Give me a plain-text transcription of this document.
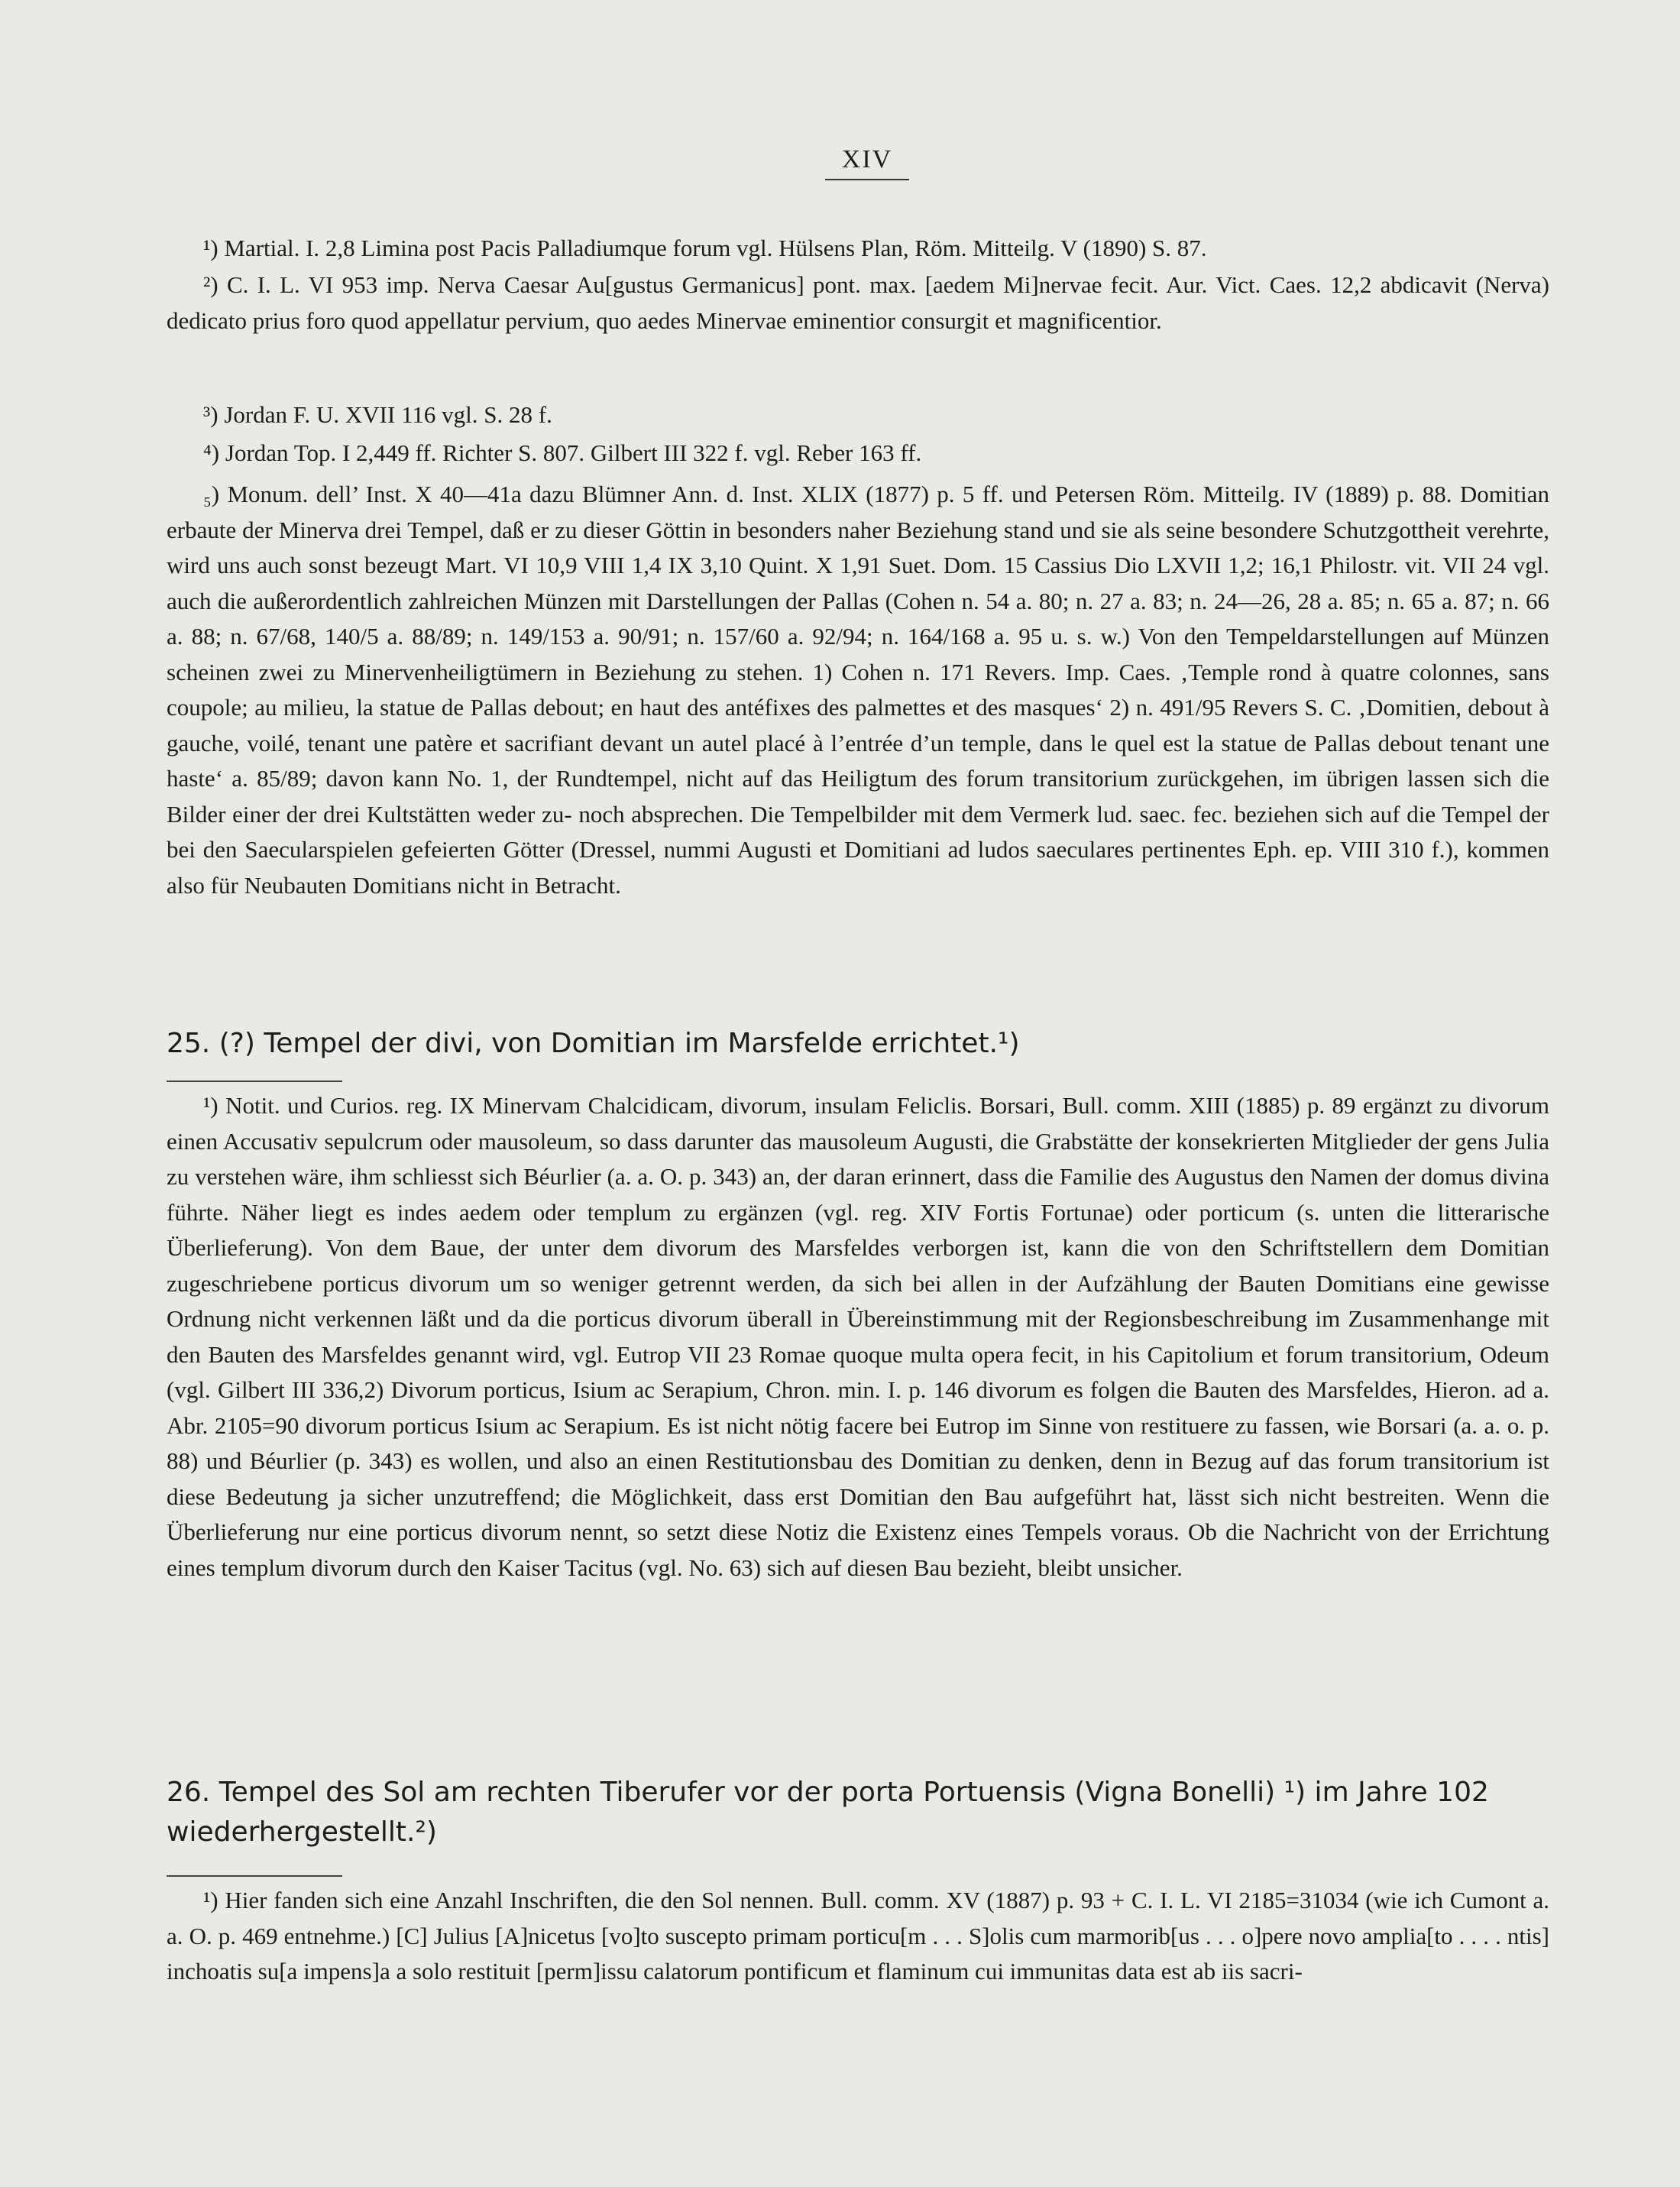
XIV

¹) Martial. I. 2,8 Limina post Pacis Palladiumque forum vgl. Hülsens Plan, Röm. Mitteilg. V (1890) S. 87.

²) C. I. L. VI 953 imp. Nerva Caesar Au[gustus Germanicus] pont. max. [aedem Mi]nervae fecit. Aur. Vict. Caes. 12,2 abdicavit (Nerva) dedicato prius foro quod appellatur pervium, quo aedes Minervae eminentior consurgit et magnificentior.

³) Jordan F. U. XVII 116 vgl. S. 28 f.

⁴) Jordan Top. I 2,449 ff. Richter S. 807. Gilbert III 322 f. vgl. Reber 163 ff.

₅) Monum. dell’ Inst. X 40—41a dazu Blümner Ann. d. Inst. XLIX (1877) p. 5 ff. und Petersen Röm. Mitteilg. IV (1889) p. 88. Domitian erbaute der Minerva drei Tempel, daß er zu dieser Göttin in besonders naher Beziehung stand und sie als seine besondere Schutzgottheit verehrte, wird uns auch sonst bezeugt Mart. VI 10,9 VIII 1,4 IX 3,10 Quint. X 1,91 Suet. Dom. 15 Cassius Dio LXVII 1,2; 16,1 Philostr. vit. VII 24 vgl. auch die außerordentlich zahlreichen Münzen mit Darstellungen der Pallas (Cohen n. 54 a. 80; n. 27 a. 83; n. 24—26, 28 a. 85; n. 65 a. 87; n. 66 a. 88; n. 67/68, 140/5 a. 88/89; n. 149/153 a. 90/91; n. 157/60 a. 92/94; n. 164/168 a. 95 u. s. w.) Von den Tempeldarstellungen auf Münzen scheinen zwei zu Minervenheiligtümern in Beziehung zu stehen. 1) Cohen n. 171 Revers. Imp. Caes. ‚Temple rond à quatre colonnes, sans coupole; au milieu, la statue de Pallas debout; en haut des antéfixes des palmettes et des masques‘ 2) n. 491/95 Revers S. C. ‚Domitien, debout à gauche, voilé, tenant une patère et sacrifiant devant un autel placé à l’entrée d’un temple, dans le quel est la statue de Pallas debout tenant une haste‘ a. 85/89; davon kann No. 1, der Rundtempel, nicht auf das Heiligtum des forum transitorium zurückgehen, im übrigen lassen sich die Bilder einer der drei Kultstätten weder zu- noch absprechen. Die Tempelbilder mit dem Vermerk lud. saec. fec. beziehen sich auf die Tempel der bei den Saecularspielen gefeierten Götter (Dressel, nummi Augusti et Domitiani ad ludos saeculares pertinentes Eph. ep. VIII 310 f.), kommen also für Neubauten Domitians nicht in Betracht.

25. (?) Tempel der divi, von Domitian im Marsfelde errichtet.¹)

¹) Notit. und Curios. reg. IX Minervam Chalcidicam, divorum, insulam Feliclis. Borsari, Bull. comm. XIII (1885) p. 89 ergänzt zu divorum einen Accusativ sepulcrum oder mausoleum, so dass darunter das mausoleum Augusti, die Grabstätte der konsekrierten Mitglieder der gens Julia zu verstehen wäre, ihm schliesst sich Béurlier (a. a. O. p. 343) an, der daran erinnert, dass die Familie des Augustus den Namen der domus divina führte. Näher liegt es indes aedem oder templum zu ergänzen (vgl. reg. XIV Fortis Fortunae) oder porticum (s. unten die litterarische Überlieferung). Von dem Baue, der unter dem divorum des Marsfeldes verborgen ist, kann die von den Schriftstellern dem Domitian zugeschriebene porticus divorum um so weniger getrennt werden, da sich bei allen in der Aufzählung der Bauten Domitians eine gewisse Ordnung nicht verkennen läßt und da die porticus divorum überall in Übereinstimmung mit der Regionsbeschreibung im Zusammenhange mit den Bauten des Marsfeldes genannt wird, vgl. Eutrop VII 23 Romae quoque multa opera fecit, in his Capitolium et forum transitorium, Odeum (vgl. Gilbert III 336,2) Divorum porticus, Isium ac Serapium, Chron. min. I. p. 146 divorum es folgen die Bauten des Marsfeldes, Hieron. ad a. Abr. 2105=90 divorum porticus Isium ac Serapium. Es ist nicht nötig facere bei Eutrop im Sinne von restituere zu fassen, wie Borsari (a. a. o. p. 88) und Béurlier (p. 343) es wollen, und also an einen Restitutionsbau des Domitian zu denken, denn in Bezug auf das forum transitorium ist diese Bedeutung ja sicher unzutreffend; die Möglichkeit, dass erst Domitian den Bau aufgeführt hat, lässt sich nicht bestreiten. Wenn die Überlieferung nur eine porticus divorum nennt, so setzt diese Notiz die Existenz eines Tempels voraus. Ob die Nachricht von der Errichtung eines templum divorum durch den Kaiser Tacitus (vgl. No. 63) sich auf diesen Bau bezieht, bleibt unsicher.

26. Tempel des Sol am rechten Tiberufer vor der porta Portuensis (Vigna Bonelli) ¹) im Jahre 102 wiederhergestellt.²)

¹) Hier fanden sich eine Anzahl Inschriften, die den Sol nennen. Bull. comm. XV (1887) p. 93 + C. I. L. VI 2185=31034 (wie ich Cumont a. a. O. p. 469 entnehme.) [C] Julius [A]nicetus [vo]to suscepto primam porticu[m . . . S]olis cum marmorib[us . . . o]pere novo amplia[to . . . . ntis] inchoatis su[a impens]a a solo restituit [perm]issu calatorum pontificum et flaminum cui immunitas data est ab iis sacri-
